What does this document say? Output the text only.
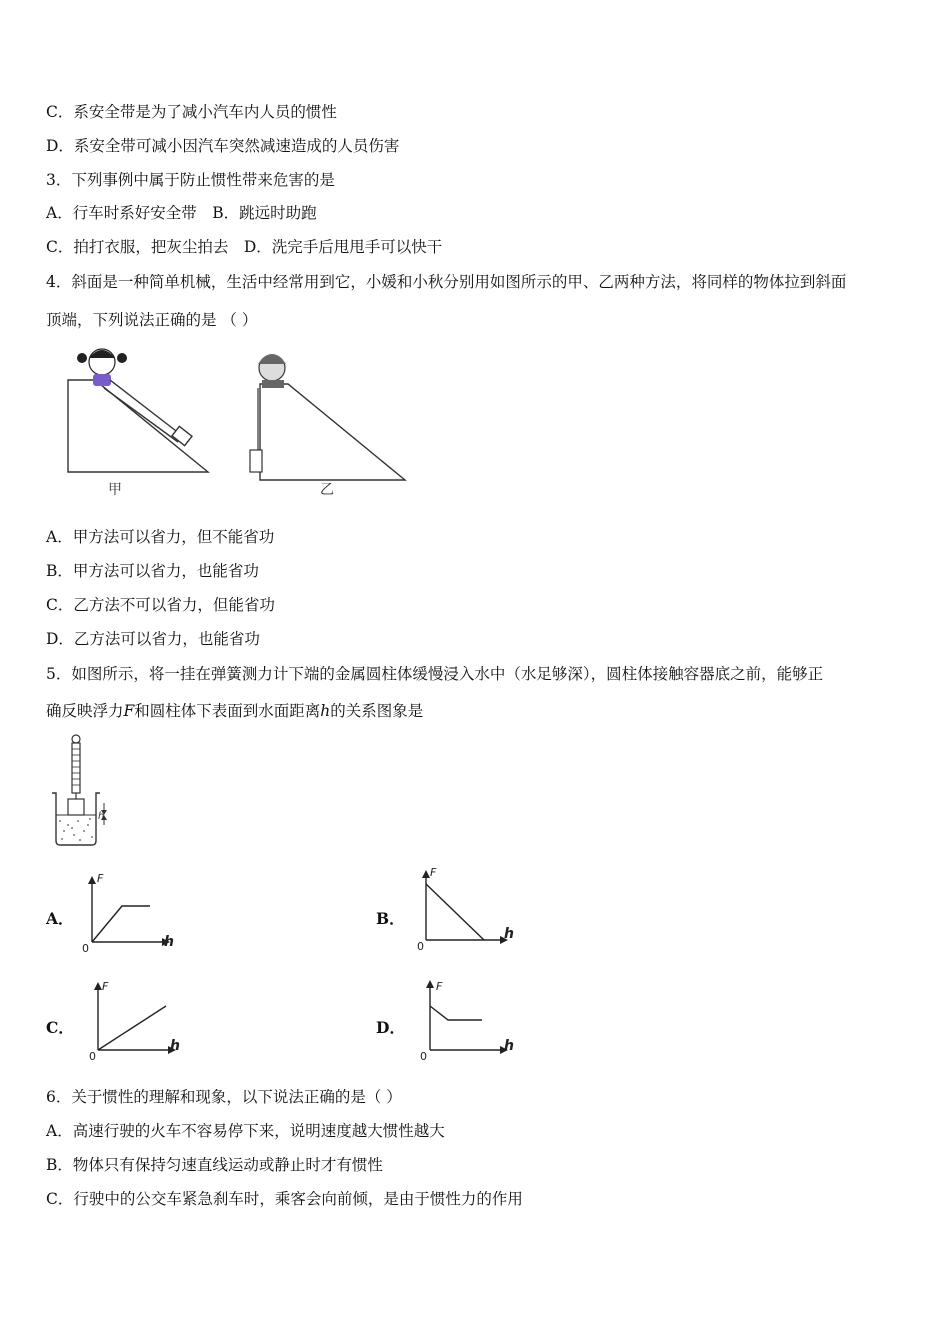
C．系安全带是为了减小汽车内人员的惯性
D．系安全带可减小因汽车突然减速造成的人员伤害
3．下列事例中属于防止惯性带来危害的是
A．行车时系好安全带　B．跳远时助跑
C．拍打衣服，把灰尘拍去　D．洗完手后甩甩手可以快干
4．斜面是一种简单机械，生活中经常用到它，小媛和小秋分别用如图所示的甲、乙两种方法，将同样的物体拉到斜面
顶端，下列说法正确的是 （ ）
甲	乙
A．甲方法可以省力，但不能省功
B．甲方法可以省力，也能省功
C．乙方法不可以省力，但能省功
D．乙方法可以省力，也能省功
5．如图所示，将一挂在弹簧测力计下端的金属圆柱体缓慢浸入水中（水足够深），圆柱体接触容器底之前，能够正
确反映浮力F和圆柱体下表面到水面距离h的关系图象是
h
A．
F
h
0
B．
F
h
0
C．
F
h
0
D．
F
h
0
6．关于惯性的理解和现象，以下说法正确的是（ ）
A．高速行驶的火车不容易停下来，说明速度越大惯性越大
B．物体只有保持匀速直线运动或静止时才有惯性
C．行驶中的公交车紧急刹车时，乘客会向前倾，是由于惯性力的作用
